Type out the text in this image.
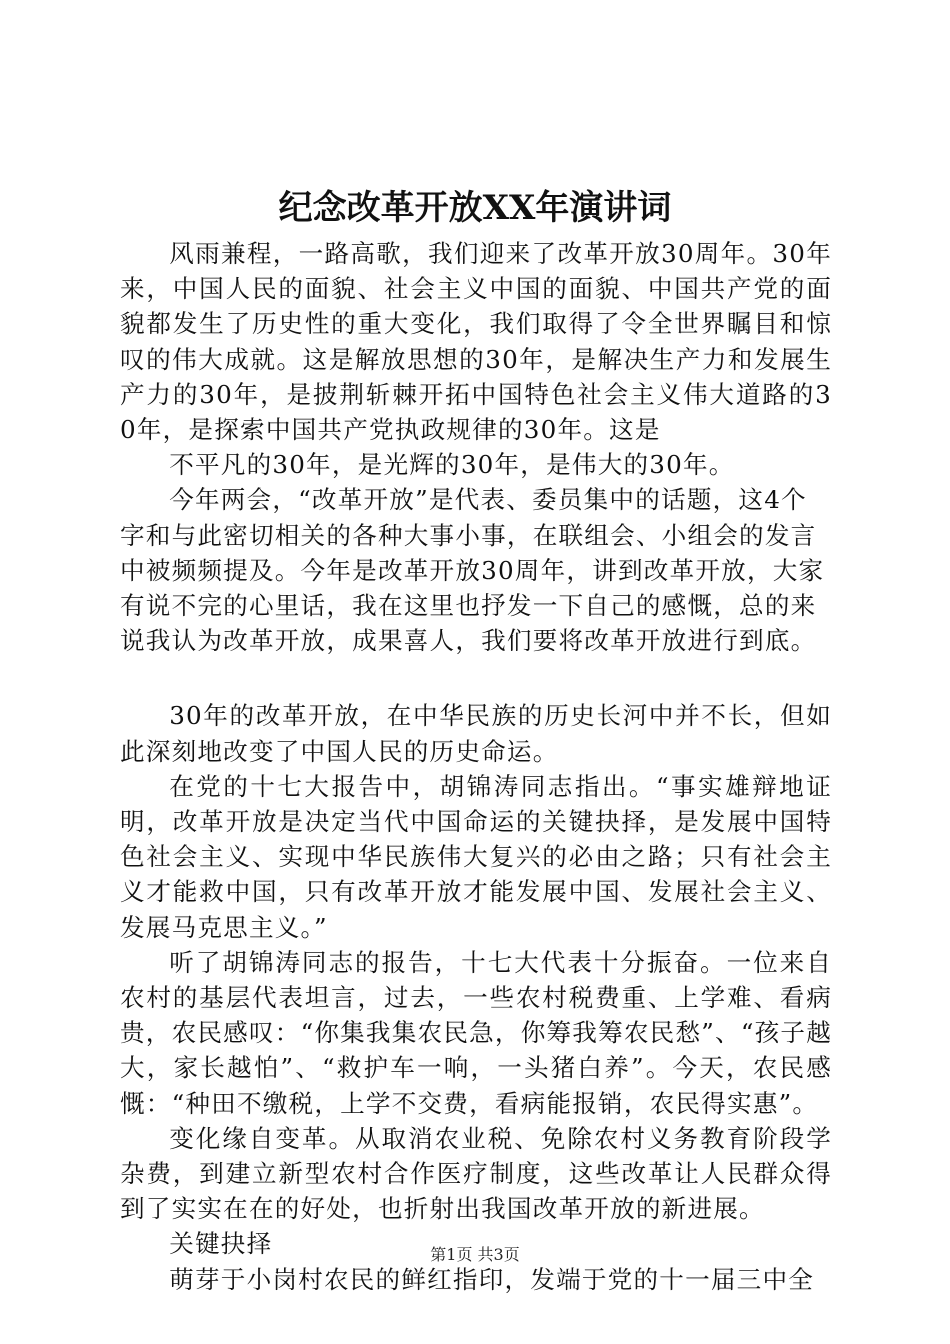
纪念改革开放XX年演讲词

风雨兼程，一路高歌，我们迎来了改革开放30周年。30年来，中国人民的面貌、社会主义中国的面貌、中国共产党的面貌都发生了历史性的重大变化，我们取得了令全世界瞩目和惊叹的伟大成就。这是解放思想的30年，是解决生产力和发展生产力的30年，是披荆斩棘开拓中国特色社会主义伟大道路的30年，是探索中国共产党执政规律的30年。这是

不平凡的30年，是光辉的30年，是伟大的30年。

今年两会，“改革开放”是代表、委员集中的话题，这4个字和与此密切相关的各种大事小事，在联组会、小组会的发言中被频频提及。今年是改革开放30周年，讲到改革开放，大家有说不完的心里话，我在这里也抒发一下自己的感慨，总的来说我认为改革开放，成果喜人，我们要将改革开放进行到底。

30年的改革开放，在中华民族的历史长河中并不长，但如此深刻地改变了中国人民的历史命运。

在党的十七大报告中，胡锦涛同志指出。“事实雄辩地证明，改革开放是决定当代中国命运的关键抉择，是发展中国特色社会主义、实现中华民族伟大复兴的必由之路；只有社会主义才能救中国，只有改革开放才能发展中国、发展社会主义、发展马克思主义。”

听了胡锦涛同志的报告，十七大代表十分振奋。一位来自农村的基层代表坦言，过去，一些农村税费重、上学难、看病贵，农民感叹：“你集我集农民急，你筹我筹农民愁”、“孩子越大，家长越怕”、“救护车一响，一头猪白养”。今天，农民感慨：“种田不缴税，上学不交费，看病能报销，农民得实惠”。

变化缘自变革。从取消农业税、免除农村义务教育阶段学杂费，到建立新型农村合作医疗制度，这些改革让人民群众得到了实实在在的好处，也折射出我国改革开放的新进展。

关键抉择

萌芽于小岗村农民的鲜红指印，发端于党的十一届三中全

第1页 共3页
